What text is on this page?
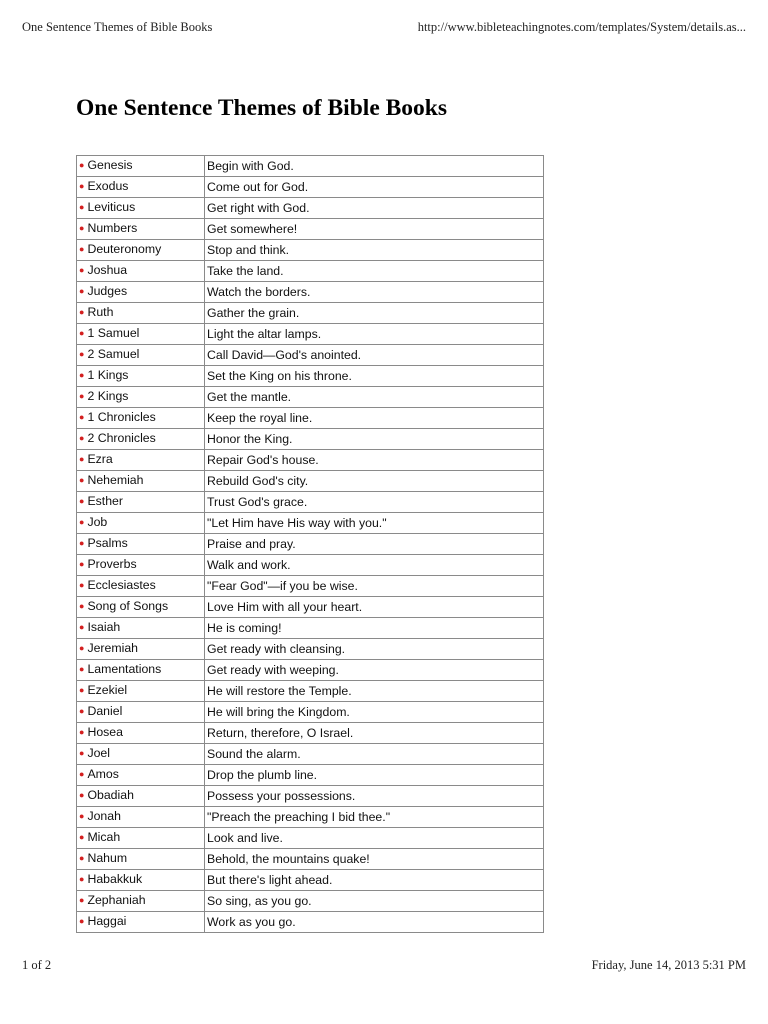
One Sentence Themes of Bible Books	http://www.bibleteachingnotes.com/templates/System/details.as...
One Sentence Themes of Bible Books
● Genesis	Begin with God.
● Exodus	Come out for God.
● Leviticus	Get right with God.
● Numbers	Get somewhere!
● Deuteronomy	Stop and think.
● Joshua	Take the land.
● Judges	Watch the borders.
● Ruth	Gather the grain.
● 1 Samuel	Light the altar lamps.
● 2 Samuel	Call David—God's anointed.
● 1 Kings	Set the King on his throne.
● 2 Kings	Get the mantle.
● 1 Chronicles	Keep the royal line.
● 2 Chronicles	Honor the King.
● Ezra	Repair God's house.
● Nehemiah	Rebuild God's city.
● Esther	Trust God's grace.
● Job	"Let Him have His way with you."
● Psalms	Praise and pray.
● Proverbs	Walk and work.
● Ecclesiastes	"Fear God"—if you be wise.
● Song of Songs	Love Him with all your heart.
● Isaiah	He is coming!
● Jeremiah	Get ready with cleansing.
● Lamentations	Get ready with weeping.
● Ezekiel	He will restore the Temple.
● Daniel	He will bring the Kingdom.
● Hosea	Return, therefore, O Israel.
● Joel	Sound the alarm.
● Amos	Drop the plumb line.
● Obadiah	Possess your possessions.
● Jonah	"Preach the preaching I bid thee."
● Micah	Look and live.
● Nahum	Behold, the mountains quake!
● Habakkuk	But there's light ahead.
● Zephaniah	So sing, as you go.
● Haggai	Work as you go.
1 of 2	Friday, June 14, 2013 5:31 PM
